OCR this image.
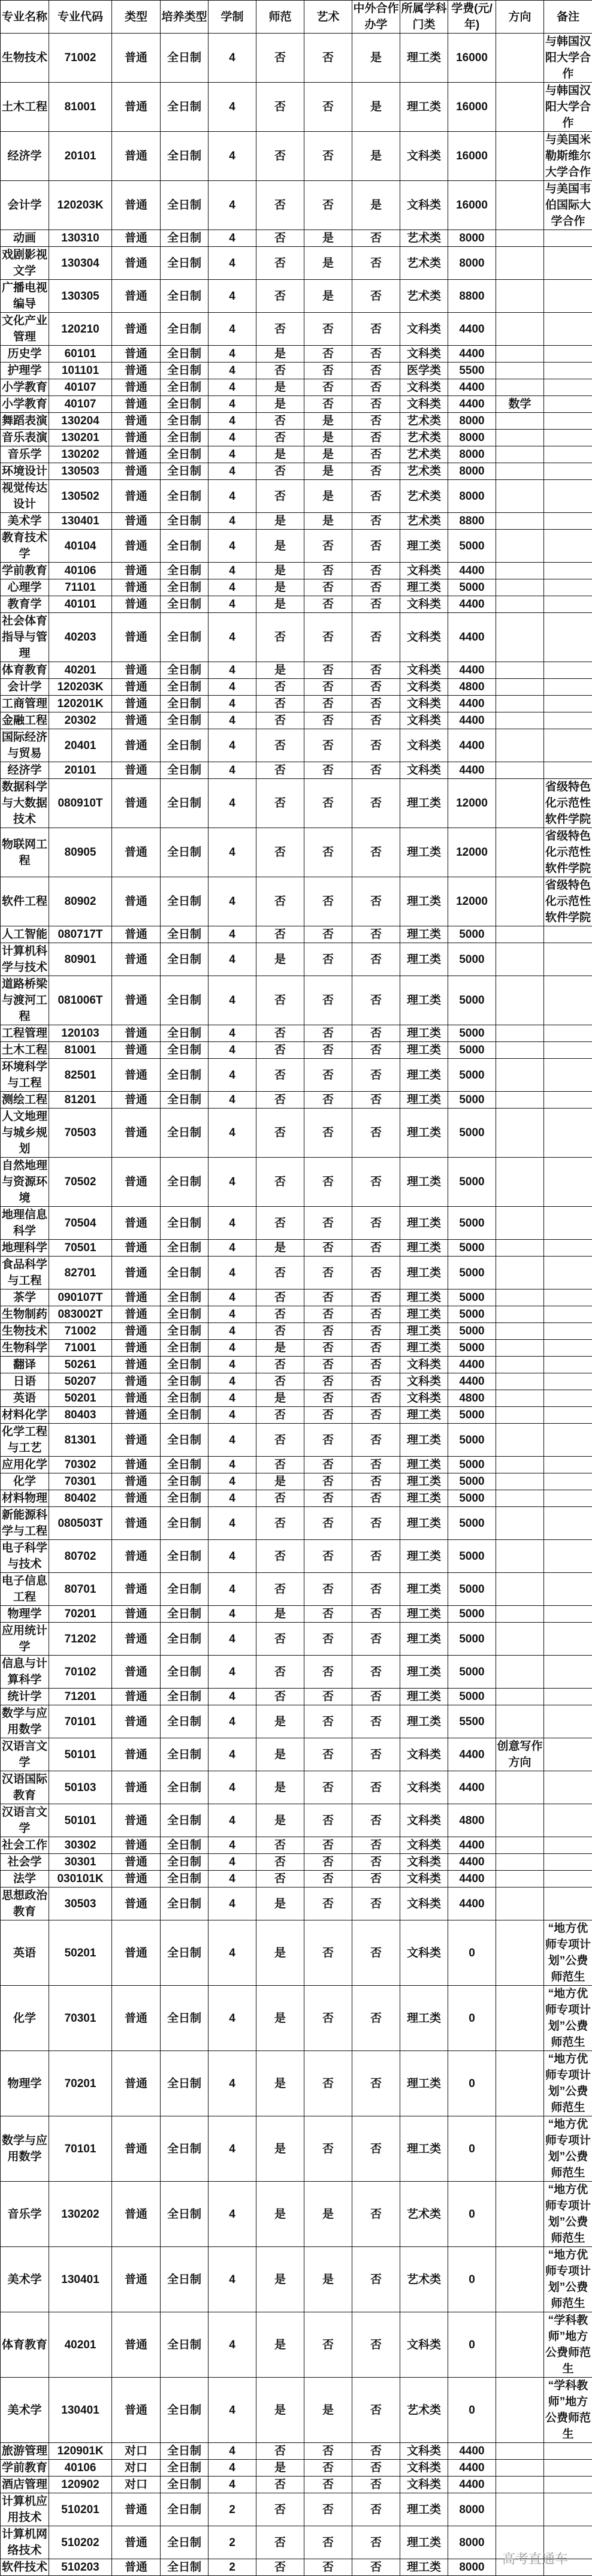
专业名称	专业代码	类型	培养类型	学制	师范	艺术	中外合作办学	所属学科门类	学费(元/年)	方向	备注
生物技术	71002	普通	全日制	4	否	否	是	理工类	16000		与韩国汉阳大学合作
土木工程	81001	普通	全日制	4	否	否	是	理工类	16000		与韩国汉阳大学合作
经济学	20101	普通	全日制	4	否	否	是	文科类	16000		与美国米勒斯维尔大学合作
会计学	120203K	普通	全日制	4	否	否	是	文科类	16000		与美国韦伯国际大学合作
动画	130310	普通	全日制	4	否	是	否	艺术类	8000		
戏剧影视文学	130304	普通	全日制	4	否	是	否	艺术类	8000		
广播电视编导	130305	普通	全日制	4	否	是	否	艺术类	8800		
文化产业管理	120210	普通	全日制	4	否	否	否	文科类	4400		
历史学	60101	普通	全日制	4	是	否	否	文科类	4400		
护理学	101101	普通	全日制	4	否	否	否	医学类	5500		
小学教育	40107	普通	全日制	4	是	否	否	文科类	4400		
小学教育	40107	普通	全日制	4	是	否	否	文科类	4400	数学	
舞蹈表演	130204	普通	全日制	4	否	是	否	艺术类	8000		
音乐表演	130201	普通	全日制	4	否	是	否	艺术类	8000		
音乐学	130202	普通	全日制	4	是	是	否	艺术类	8000		
环境设计	130503	普通	全日制	4	否	是	否	艺术类	8000		
视觉传达设计	130502	普通	全日制	4	否	是	否	艺术类	8000		
美术学	130401	普通	全日制	4	是	是	否	艺术类	8800		
教育技术学	40104	普通	全日制	4	是	否	否	理工类	5000		
学前教育	40106	普通	全日制	4	是	否	否	文科类	4400		
心理学	71101	普通	全日制	4	是	否	否	理工类	5000		
教育学	40101	普通	全日制	4	是	否	否	文科类	4400		
社会体育指导与管理	40203	普通	全日制	4	否	否	否	文科类	4400		
体育教育	40201	普通	全日制	4	是	否	否	文科类	4400		
会计学	120203K	普通	全日制	4	否	否	否	文科类	4800		
工商管理	120201K	普通	全日制	4	否	否	否	文科类	4400		
金融工程	20302	普通	全日制	4	否	否	否	文科类	4400		
国际经济与贸易	20401	普通	全日制	4	否	否	否	文科类	4400		
经济学	20101	普通	全日制	4	否	否	否	文科类	4400		
数据科学与大数据技术	080910T	普通	全日制	4	否	否	否	理工类	12000		省级特色化示范性软件学院
物联网工程	80905	普通	全日制	4	否	否	否	理工类	12000		省级特色化示范性软件学院
软件工程	80902	普通	全日制	4	否	否	否	理工类	12000		省级特色化示范性软件学院
人工智能	080717T	普通	全日制	4	否	否	否	理工类	5000		
计算机科学与技术	80901	普通	全日制	4	是	否	否	理工类	5000		
道路桥梁与渡河工程	081006T	普通	全日制	4	否	否	否	理工类	5000		
工程管理	120103	普通	全日制	4	否	否	否	理工类	5000		
土木工程	81001	普通	全日制	4	否	否	否	理工类	5000		
环境科学与工程	82501	普通	全日制	4	否	否	否	理工类	5000		
测绘工程	81201	普通	全日制	4	否	否	否	理工类	5000		
人文地理与城乡规划	70503	普通	全日制	4	否	否	否	理工类	5000		
自然地理与资源环境	70502	普通	全日制	4	否	否	否	理工类	5000		
地理信息科学	70504	普通	全日制	4	否	否	否	理工类	5000		
地理科学	70501	普通	全日制	4	是	否	否	理工类	5000		
食品科学与工程	82701	普通	全日制	4	否	否	否	理工类	5000		
茶学	090107T	普通	全日制	4	否	否	否	理工类	5000		
生物制药	083002T	普通	全日制	4	否	否	否	理工类	5000		
生物技术	71002	普通	全日制	4	否	否	否	理工类	5000		
生物科学	71001	普通	全日制	4	是	否	否	理工类	5000		
翻译	50261	普通	全日制	4	否	否	否	文科类	4400		
日语	50207	普通	全日制	4	否	否	否	文科类	4400		
英语	50201	普通	全日制	4	是	否	否	文科类	4800		
材料化学	80403	普通	全日制	4	否	否	否	理工类	5000		
化学工程与工艺	81301	普通	全日制	4	否	否	否	理工类	5000		
应用化学	70302	普通	全日制	4	否	否	否	理工类	5000		
化学	70301	普通	全日制	4	是	否	否	理工类	5000		
材料物理	80402	普通	全日制	4	否	否	否	理工类	5000		
新能源科学与工程	080503T	普通	全日制	4	否	否	否	理工类	5000		
电子科学与技术	80702	普通	全日制	4	否	否	否	理工类	5000		
电子信息工程	80701	普通	全日制	4	否	否	否	理工类	5000		
物理学	70201	普通	全日制	4	是	否	否	理工类	5000		
应用统计学	71202	普通	全日制	4	否	否	否	理工类	5000		
信息与计算科学	70102	普通	全日制	4	否	否	否	理工类	5000		
统计学	71201	普通	全日制	4	否	否	否	理工类	5000		
数学与应用数学	70101	普通	全日制	4	是	否	否	理工类	5500		
汉语言文学	50101	普通	全日制	4	是	否	否	文科类	4400	创意写作方向	
汉语国际教育	50103	普通	全日制	4	是	否	否	文科类	4400		
汉语言文学	50101	普通	全日制	4	是	否	否	文科类	4800		
社会工作	30302	普通	全日制	4	否	否	否	文科类	4400		
社会学	30301	普通	全日制	4	否	否	否	文科类	4400		
法学	030101K	普通	全日制	4	否	否	否	文科类	4400		
思想政治教育	30503	普通	全日制	4	是	否	否	文科类	4400		
英语	50201	普通	全日制	4	是	否	否	文科类	0		“地方优师专项计划”公费师范生
化学	70301	普通	全日制	4	是	否	否	理工类	0		“地方优师专项计划”公费师范生
物理学	70201	普通	全日制	4	是	否	否	理工类	0		“地方优师专项计划”公费师范生
数学与应用数学	70101	普通	全日制	4	是	否	否	理工类	0		“地方优师专项计划”公费师范生
音乐学	130202	普通	全日制	4	是	是	否	艺术类	0		“地方优师专项计划”公费师范生
美术学	130401	普通	全日制	4	是	是	否	艺术类	0		“地方优师专项计划”公费师范生
体育教育	40201	普通	全日制	4	是	否	否	文科类	0		“学科教师”地方公费师范生
美术学	130401	普通	全日制	4	是	是	否	艺术类	0		“学科教师”地方公费师范生
旅游管理	120901K	对口	全日制	4	否	否	否	文科类	4400		
学前教育	40106	对口	全日制	4	是	否	否	文科类	4400		
酒店管理	120902	对口	全日制	4	否	否	否	文科类	4400		
计算机应用技术	510201	普通	全日制	2	否	否	否	理工类	8000		
计算机网络技术	510202	普通	全日制	2	否	否	否	理工类	8000		
软件技术	510203	普通	全日制	2	否	否	否	理工类	8000		
高考直通车
